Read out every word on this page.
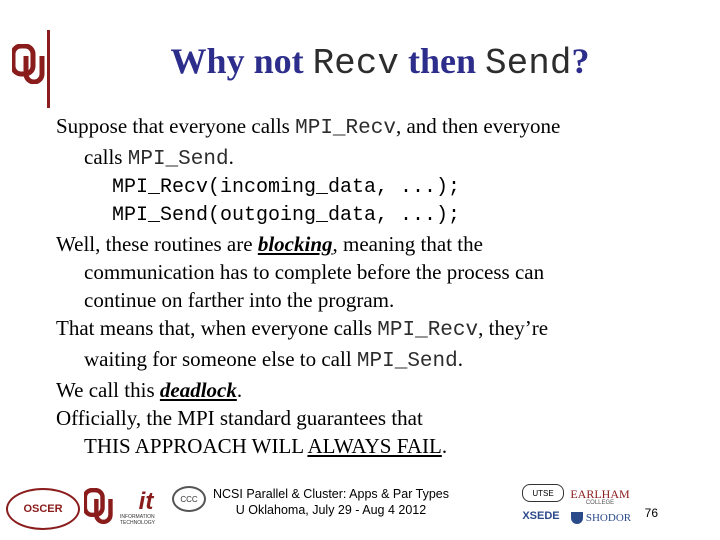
Why not Recv then Send?

Suppose that everyone calls MPI_Recv, and then everyone

calls MPI_Send.

MPI_Recv(incoming_data, ...);
MPI_Send(outgoing_data, ...);

Well, these routines are blocking, meaning that the

communication has to complete before the process can

continue on farther into the program.

That means that, when everyone calls MPI_Recv, they’re

waiting for someone else to call MPI_Send.

We call this deadlock.

Officially, the MPI standard guarantees that

THIS APPROACH WILL ALWAYS FAIL.

OSCER	it
INFORMATION TECHNOLOGY
CCC	NCSI Parallel & Cluster: Apps & Par Types
U Oklahoma, July 29 - Aug 4 2012
UTSE
XSEDE
EARLHAM
COLLEGE
SHODOR 76
